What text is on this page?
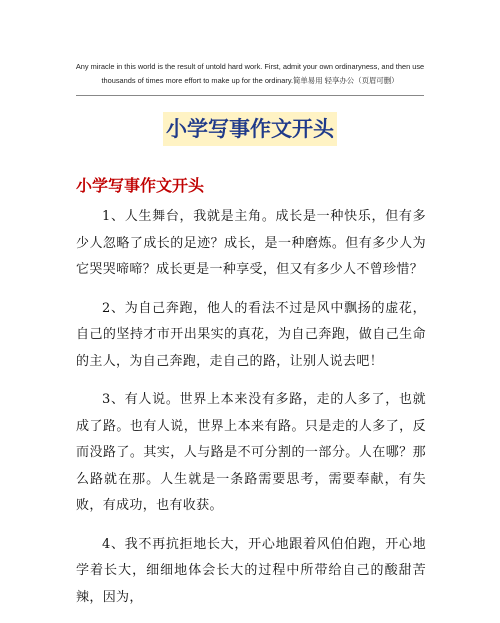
Any miracle in this world is the result of untold hard work. First, admit your own ordinaryness, and then use
thousands of times more effort to make up for the ordinary.简单易用 轻享办公（页眉可删）
小学写事作文开头
小学写事作文开头

1、人生舞台，我就是主角。成长是一种快乐，但有多少人忽略了成长的足迹？成长，是一种磨炼。但有多少人为它哭哭啼啼？成长更是一种享受，但又有多少人不曾珍惜？

2、为自己奔跑，他人的看法不过是风中飘扬的虚花，自己的坚持才市开出果实的真花，为自己奔跑，做自己生命的主人，为自己奔跑，走自己的路，让别人说去吧！

3、有人说。世界上本来没有多路，走的人多了，也就成了路。也有人说，世界上本来有路。只是走的人多了，反而没路了。其实，人与路是不可分割的一部分。人在哪？那么路就在那。人生就是一条路需要思考，需要奉献，有失败，有成功，也有收获。

4、我不再抗拒地长大，开心地跟着风伯伯跑，开心地学着长大，细细地体会长大的过程中所带给自己的酸甜苦辣，因为，
